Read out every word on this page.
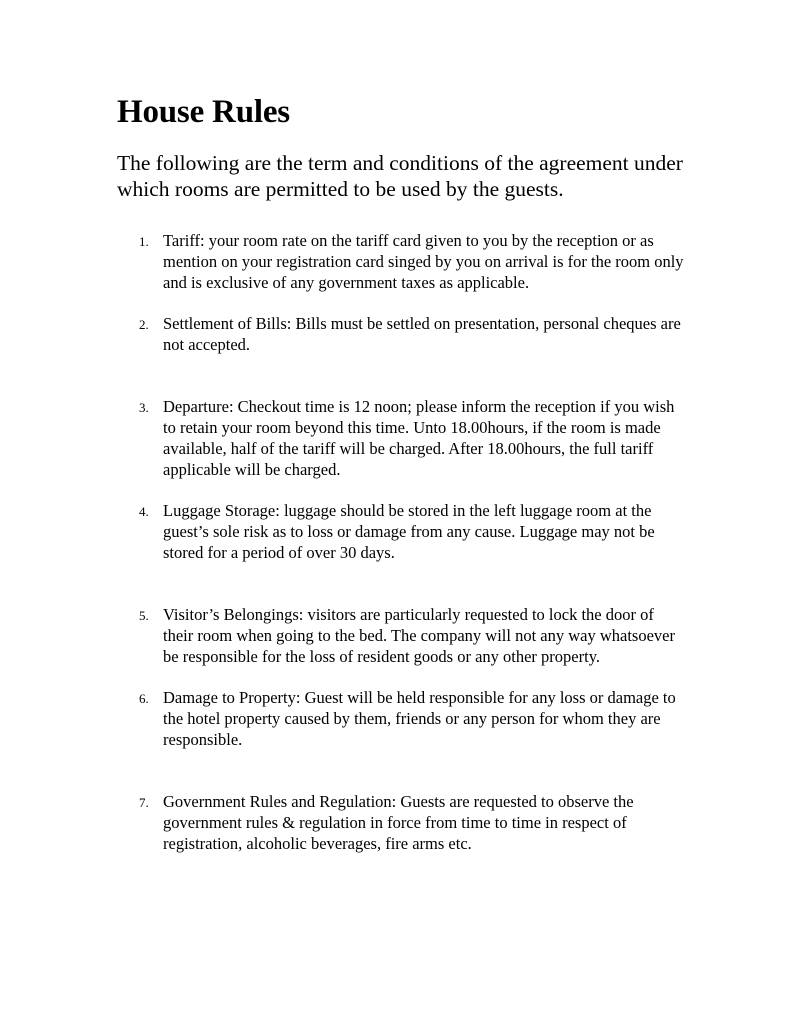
House Rules

The following are the term and conditions of the agreement under which rooms are permitted to be used by the guests.

1. Tariff: your room rate on the tariff card given to you by the reception or as mention on your registration card singed by you on arrival is for the room only and is exclusive of any government taxes as applicable.
2. Settlement of Bills: Bills must be settled on presentation, personal cheques are not accepted.
3. Departure: Checkout time is 12 noon; please inform the reception if you wish to retain your room beyond this time. Unto 18.00hours, if the room is made available, half of the tariff will be charged. After 18.00hours, the full tariff applicable will be charged.
4. Luggage Storage: luggage should be stored in the left luggage room at the guest’s sole risk as to loss or damage from any cause. Luggage may not be stored for a period of over 30 days.
5. Visitor’s Belongings: visitors are particularly requested to lock the door of their room when going to the bed. The company will not any way whatsoever be responsible for the loss of resident goods or any other property.
6. Damage to Property: Guest will be held responsible for any loss or damage to the hotel property caused by them, friends or any person for whom they are responsible.
7. Government Rules and Regulation: Guests are requested to observe the government rules & regulation in force from time to time in respect of registration, alcoholic beverages, fire arms etc.
